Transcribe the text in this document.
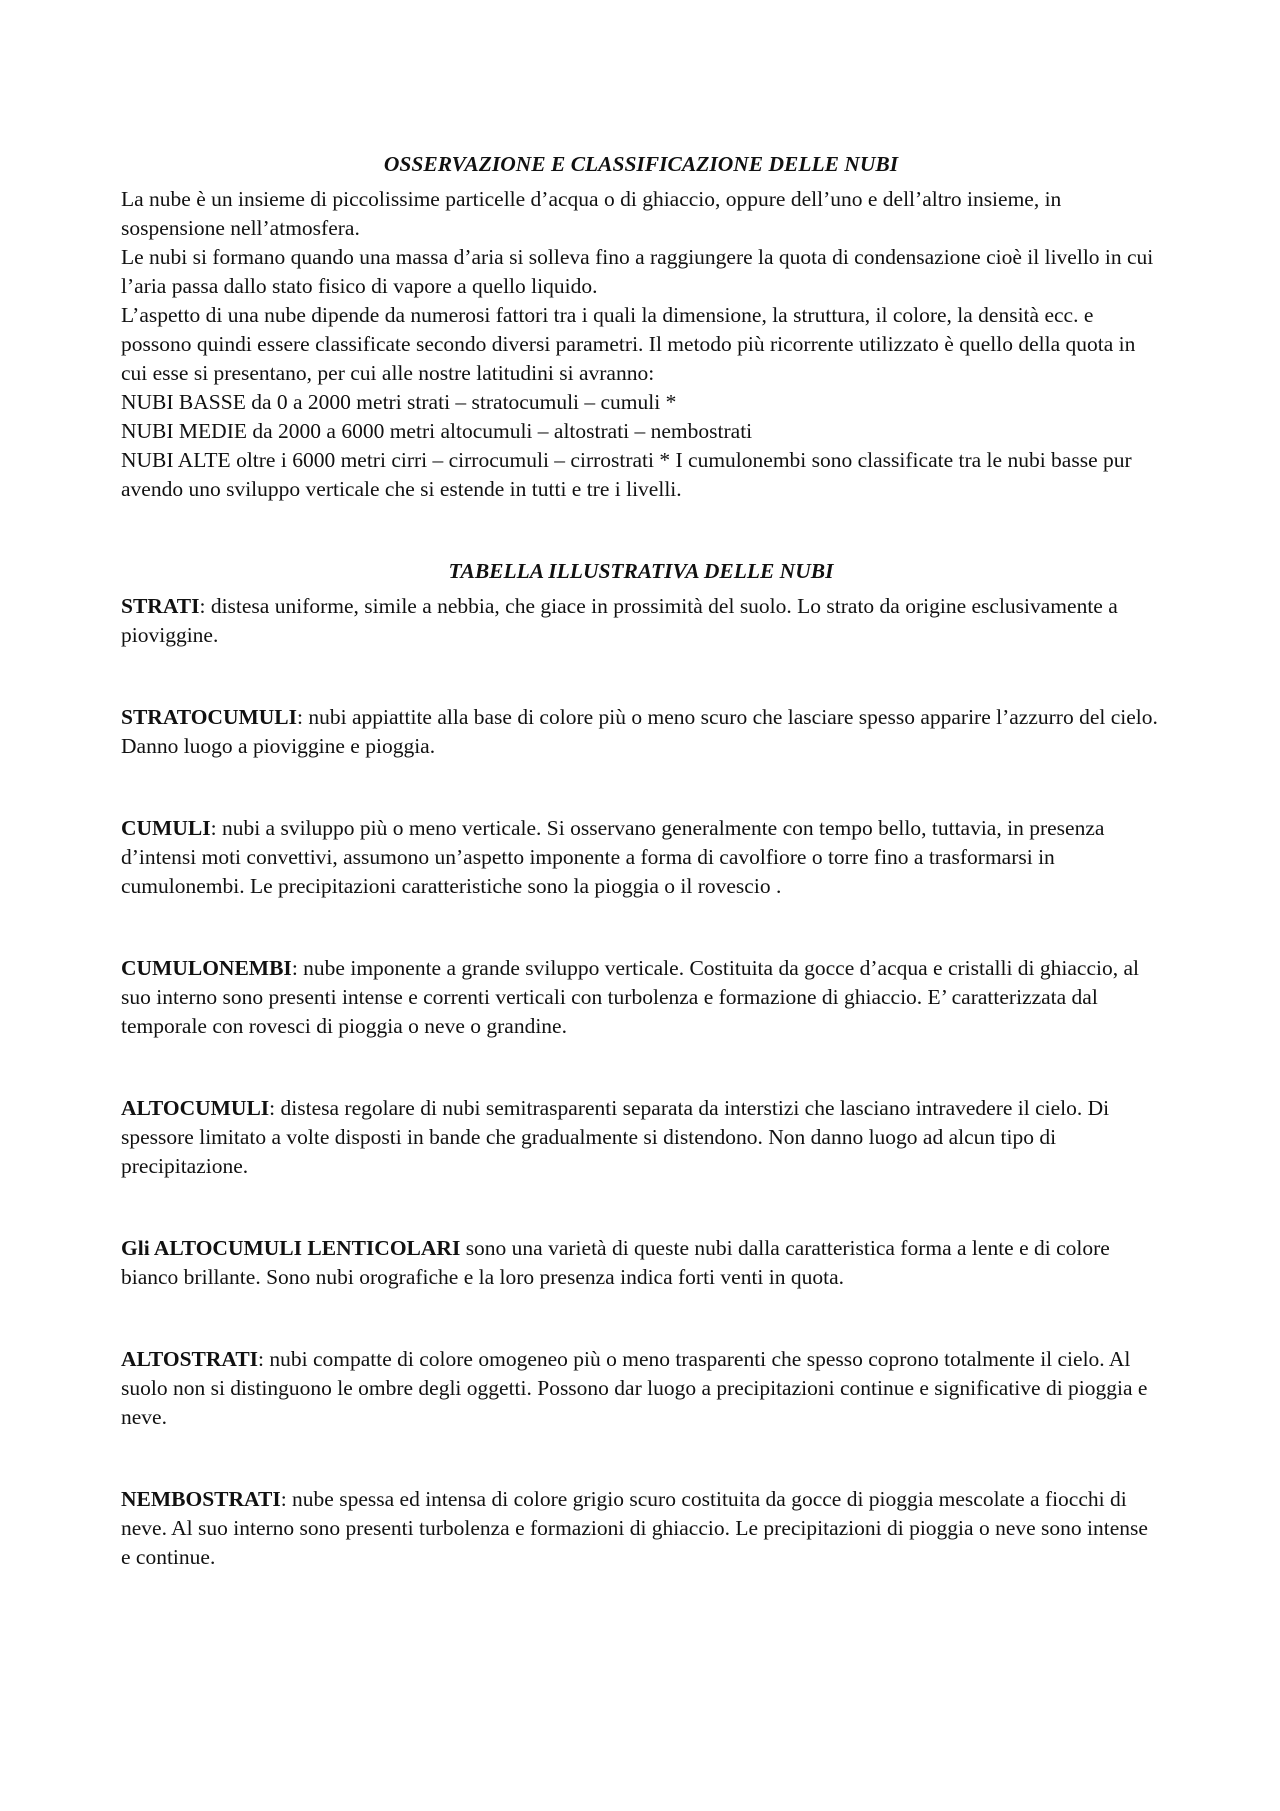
OSSERVAZIONE E CLASSIFICAZIONE DELLE NUBI

La nube è un insieme di piccolissime particelle d’acqua o di ghiaccio, oppure dell’uno e dell’altro insieme, in sospensione nell’atmosfera.

Le nubi si formano quando una massa d’aria si solleva fino a raggiungere la quota di condensazione cioè il livello in cui l’aria passa dallo stato fisico di vapore a quello liquido.

L’aspetto di una nube dipende da numerosi fattori tra i quali la dimensione, la struttura, il colore, la densità ecc. e possono quindi essere classificate secondo diversi parametri. Il metodo più ricorrente utilizzato è quello della quota in cui esse si presentano, per cui alle nostre latitudini si avranno:

NUBI BASSE da 0 a 2000 metri strati – stratocumuli – cumuli *

NUBI MEDIE da 2000 a 6000 metri altocumuli – altostrati – nembostrati

NUBI ALTE oltre i 6000 metri cirri – cirrocumuli – cirrostrati * I cumulonembi sono classificate tra le nubi basse pur avendo uno sviluppo verticale che si estende in tutti e tre i livelli.

TABELLA ILLUSTRATIVA DELLE NUBI

STRATI: distesa uniforme, simile a nebbia, che giace in prossimità del suolo. Lo strato da origine esclusivamente a pioviggine.

STRATOCUMULI: nubi appiattite alla base di colore più o meno scuro che lasciare spesso apparire l’azzurro del cielo. Danno luogo a pioviggine e pioggia.

CUMULI: nubi a sviluppo più o meno verticale. Si osservano generalmente con tempo bello, tuttavia, in presenza d’intensi moti convettivi, assumono un’aspetto imponente a forma di cavolfiore o torre fino a trasformarsi in cumulonembi. Le precipitazioni caratteristiche sono la pioggia o il rovescio .

CUMULONEMBI: nube imponente a grande sviluppo verticale. Costituita da gocce d’acqua e cristalli di ghiaccio, al suo interno sono presenti intense e correnti verticali con turbolenza e formazione di ghiaccio. E’ caratterizzata dal temporale con rovesci di pioggia o neve o grandine.

ALTOCUMULI: distesa regolare di nubi semitrasparenti separata da interstizi che lasciano intravedere il cielo. Di spessore limitato a volte disposti in bande che gradualmente si distendono. Non danno luogo ad alcun tipo di precipitazione.

Gli ALTOCUMULI LENTICOLARI sono una varietà di queste nubi dalla caratteristica forma a lente e di colore bianco brillante. Sono nubi orografiche e la loro presenza indica forti venti in quota.

ALTOSTRATI: nubi compatte di colore omogeneo più o meno trasparenti che spesso coprono totalmente il cielo. Al suolo non si distinguono le ombre degli oggetti. Possono dar luogo a precipitazioni continue e significative di pioggia e neve.

NEMBOSTRATI: nube spessa ed intensa di colore grigio scuro costituita da gocce di pioggia mescolate a fiocchi di neve. Al suo interno sono presenti turbolenza e formazioni di ghiaccio. Le precipitazioni di pioggia o neve sono intense e continue.
